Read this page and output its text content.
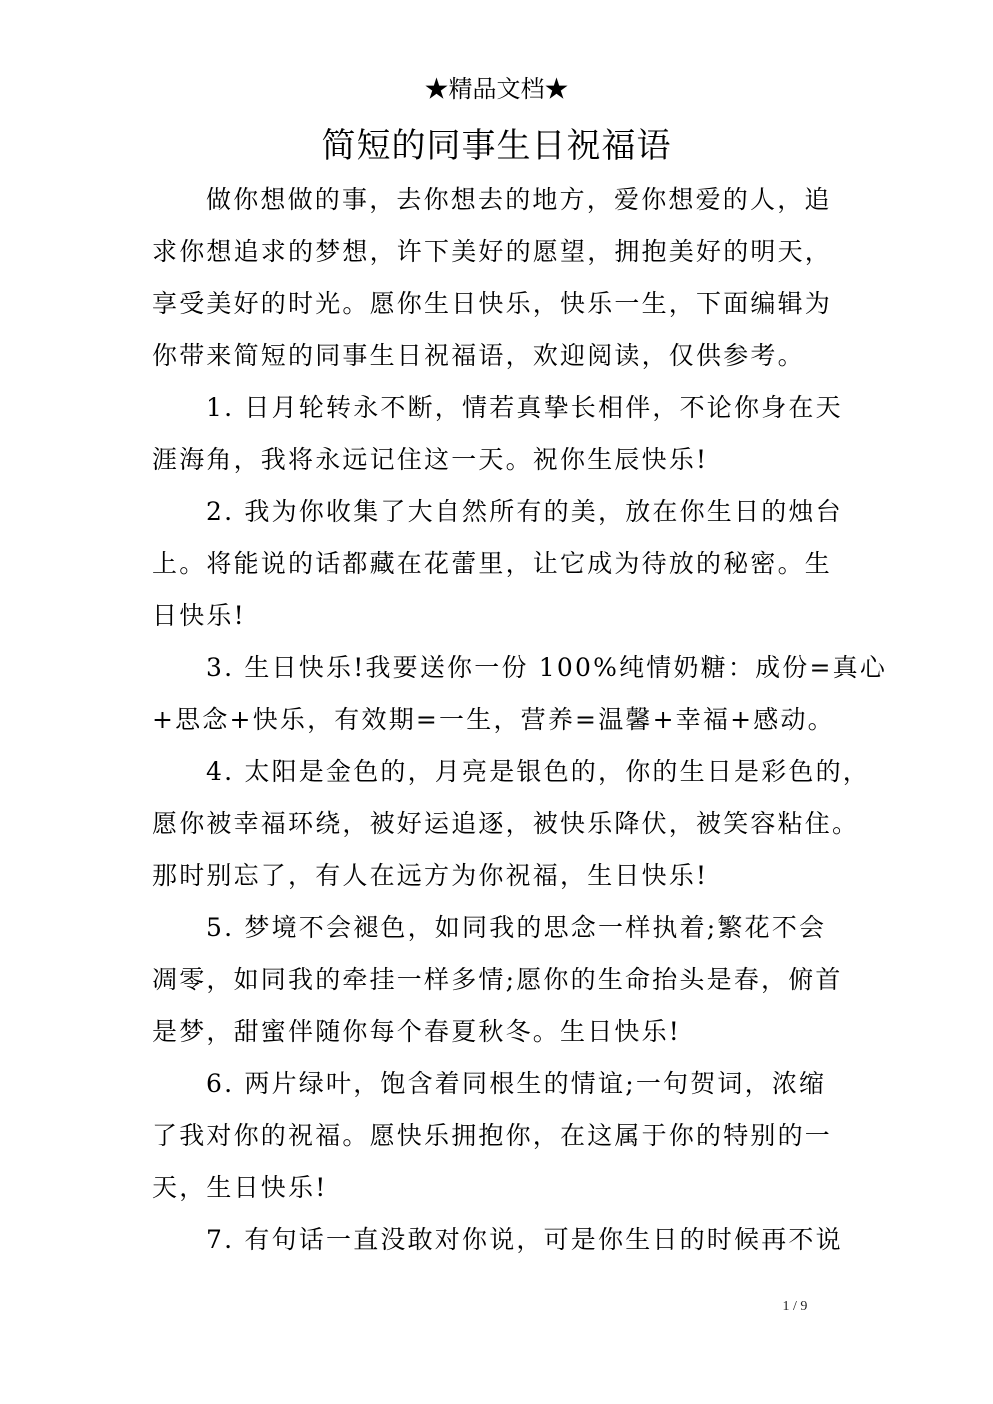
★精品文档★
简短的同事生日祝福语
做你想做的事，去你想去的地方，爱你想爱的人，追
求你想追求的梦想，许下美好的愿望，拥抱美好的明天，
享受美好的时光。愿你生日快乐，快乐一生，下面编辑为
你带来简短的同事生日祝福语，欢迎阅读，仅供参考。
1. 日月轮转永不断，情若真挚长相伴，不论你身在天
涯海角，我将永远记住这一天。祝你生辰快乐!
2. 我为你收集了大自然所有的美，放在你生日的烛台
上。将能说的话都藏在花蕾里，让它成为待放的秘密。生
日快乐!
3. 生日快乐!我要送你一份 100%纯情奶糖：成份=真心
+思念+快乐，有效期=一生，营养=温馨+幸福+感动。
4. 太阳是金色的，月亮是银色的，你的生日是彩色的，
愿你被幸福环绕，被好运追逐，被快乐降伏，被笑容粘住。
那时别忘了，有人在远方为你祝福，生日快乐!
5. 梦境不会褪色，如同我的思念一样执着;繁花不会
凋零，如同我的牵挂一样多情;愿你的生命抬头是春，俯首
是梦，甜蜜伴随你每个春夏秋冬。生日快乐!
6. 两片绿叶，饱含着同根生的情谊;一句贺词，浓缩
了我对你的祝福。愿快乐拥抱你，在这属于你的特别的一
天，生日快乐!
7. 有句话一直没敢对你说，可是你生日的时候再不说
1 / 9
